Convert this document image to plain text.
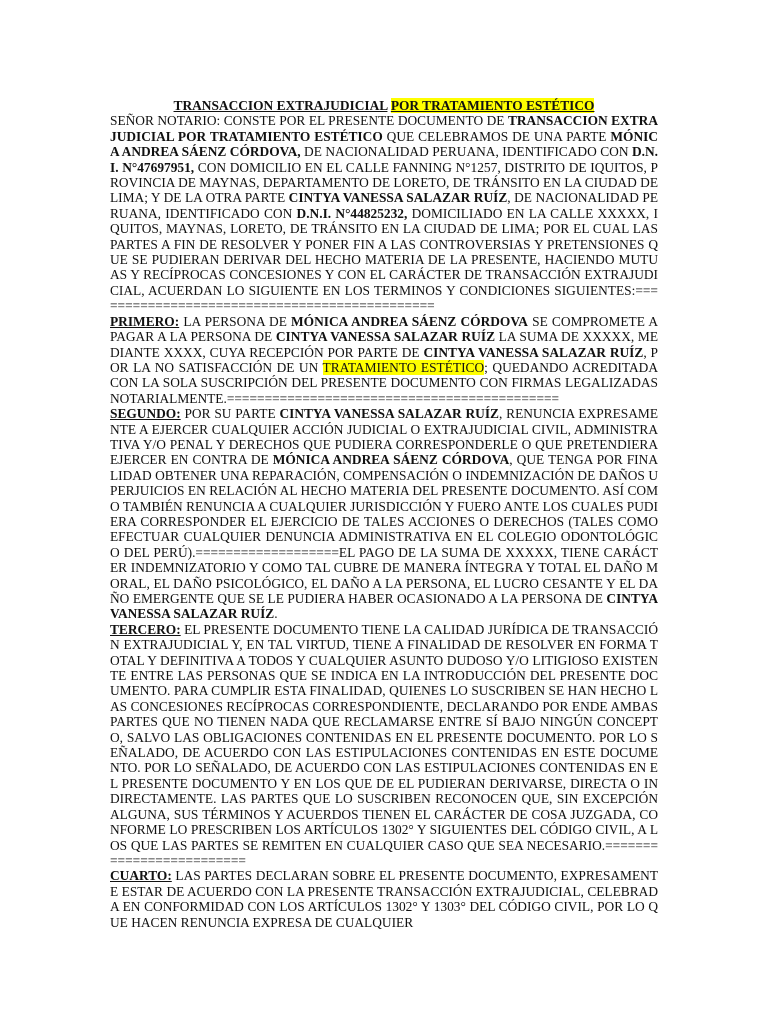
TRANSACCION EXTRAJUDICIAL POR TRATAMIENTO ESTÉTICO

SEÑOR NOTARIO: CONSTE POR EL PRESENTE DOCUMENTO DE TRANSACCION EXTRAJUDICIAL POR TRATAMIENTO ESTÉTICO QUE CELEBRAMOS DE UNA PARTE MÓNICA ANDREA SÁENZ CÓRDOVA, DE NACIONALIDAD PERUANA, IDENTIFICADO CON D.N.I. N°47697951, CON DOMICILIO EN EL CALLE FANNING N°1257, DISTRITO DE IQUITOS, PROVINCIA DE MAYNAS, DEPARTAMENTO DE LORETO, DE TRÁNSITO EN LA CIUDAD DE LIMA; Y DE LA OTRA PARTE CINTYA VANESSA SALAZAR RUÍZ, DE NACIONALIDAD PERUANA, IDENTIFICADO CON D.N.I. N°44825232, DOMICILIADO EN LA CALLE XXXXX, IQUITOS, MAYNAS, LORETO, DE TRÁNSITO EN LA CIUDAD DE LIMA; POR EL CUAL LAS PARTES A FIN DE RESOLVER Y PONER FIN A LAS CONTROVERSIAS Y PRETENSIONES QUE SE PUDIERAN DERIVAR DEL HECHO MATERIA DE LA PRESENTE, HACIENDO MUTUAS Y RECÍPROCAS CONCESIONES Y CON EL CARÁCTER DE TRANSACCIÓN EXTRAJUDICIAL, ACUERDAN LO SIGUIENTE EN LOS TERMINOS Y CONDICIONES SIGUIENTES:==============================================

PRIMERO: LA PERSONA DE MÓNICA ANDREA SÁENZ CÓRDOVA SE COMPROMETE A PAGAR A LA PERSONA DE CINTYA VANESSA SALAZAR RUÍZ LA SUMA DE XXXXX, MEDIANTE XXXX, CUYA RECEPCIÓN POR PARTE DE CINTYA VANESSA SALAZAR RUÍZ, POR LA NO SATISFACCIÓN DE UN TRATAMIENTO ESTÉTICO; QUEDANDO ACREDITADA CON LA SOLA SUSCRIPCIÓN DEL PRESENTE DOCUMENTO CON FIRMAS LEGALIZADAS NOTARIALMENTE.============================================

SEGUNDO: POR SU PARTE CINTYA VANESSA SALAZAR RUÍZ, RENUNCIA EXPRESAMENTE A EJERCER CUALQUIER ACCIÓN JUDICIAL O EXTRAJUDICIAL CIVIL, ADMINISTRATIVA Y/O PENAL Y DERECHOS QUE PUDIERA CORRESPONDERLE O QUE PRETENDIERA EJERCER EN CONTRA DE MÓNICA ANDREA SÁENZ CÓRDOVA, QUE TENGA POR FINALIDAD OBTENER UNA REPARACIÓN, COMPENSACIÓN O INDEMNIZACIÓN DE DAÑOS U PERJUICIOS EN RELACIÓN AL HECHO MATERIA DEL PRESENTE DOCUMENTO. ASÍ COMO TAMBIÉN RENUNCIA A CUALQUIER JURISDICCIÓN Y FUERO ANTE LOS CUALES PUDIERA CORRESPONDER EL EJERCICIO DE TALES ACCIONES O DERECHOS (TALES COMO EFECTUAR CUALQUIER DENUNCIA ADMINISTRATIVA EN EL COLEGIO ODONTOLÓGICO DEL PERÚ).===================EL PAGO DE LA SUMA DE XXXXX, TIENE CARÁCTER INDEMNIZATORIO Y COMO TAL CUBRE DE MANERA ÍNTEGRA Y TOTAL EL DAÑO MORAL, EL DAÑO PSICOLÓGICO, EL DAÑO A LA PERSONA, EL LUCRO CESANTE Y EL DAÑO EMERGENTE QUE SE LE PUDIERA HABER OCASIONADO A LA PERSONA DE CINTYA VANESSA SALAZAR RUÍZ.

TERCERO: EL PRESENTE DOCUMENTO TIENE LA CALIDAD JURÍDICA DE TRANSACCIÓN EXTRAJUDICIAL Y, EN TAL VIRTUD, TIENE A FINALIDAD DE RESOLVER EN FORMA TOTAL Y DEFINITIVA A TODOS Y CUALQUIER ASUNTO DUDOSO Y/O LITIGIOSO EXISTENTE ENTRE LAS PERSONAS QUE SE INDICA EN LA INTRODUCCIÓN DEL PRESENTE DOCUMENTO. PARA CUMPLIR ESTA FINALIDAD, QUIENES LO SUSCRIBEN SE HAN HECHO LAS CONCESIONES RECÍPROCAS CORRESPONDIENTE, DECLARANDO POR ENDE AMBAS PARTES QUE NO TIENEN NADA QUE RECLAMARSE ENTRE SÍ BAJO NINGÚN CONCEPTO, SALVO LAS OBLIGACIONES CONTENIDAS EN EL PRESENTE DOCUMENTO. POR LO SEÑALADO, DE ACUERDO CON LAS ESTIPULACIONES CONTENIDAS EN ESTE DOCUMENTO. POR LO SEÑALADO, DE ACUERDO CON LAS ESTIPULACIONES CONTENIDAS EN EL PRESENTE DOCUMENTO Y EN LOS QUE DE EL PUDIERAN DERIVARSE, DIRECTA O INDIRECTAMENTE. LAS PARTES QUE LO SUSCRIBEN RECONOCEN QUE, SIN EXCEPCIÓN ALGUNA, SUS TÉRMINOS Y ACUERDOS TIENEN EL CARÁCTER DE COSA JUZGADA, CONFORME LO PRESCRIBEN LOS ARTÍCULOS 1302° Y SIGUIENTES DEL CÓDIGO CIVIL, A LOS QUE LAS PARTES SE REMITEN EN CUALQUIER CASO QUE SEA NECESARIO.=========================

CUARTO: LAS PARTES DECLARAN SOBRE EL PRESENTE DOCUMENTO, EXPRESAMENTE ESTAR DE ACUERDO CON LA PRESENTE TRANSACCIÓN EXTRAJUDICIAL, CELEBRADA EN CONFORMIDAD CON LOS ARTÍCULOS 1302° Y 1303° DEL CÓDIGO CIVIL, POR LO QUE HACEN RENUNCIA EXPRESA DE CUALQUIER
